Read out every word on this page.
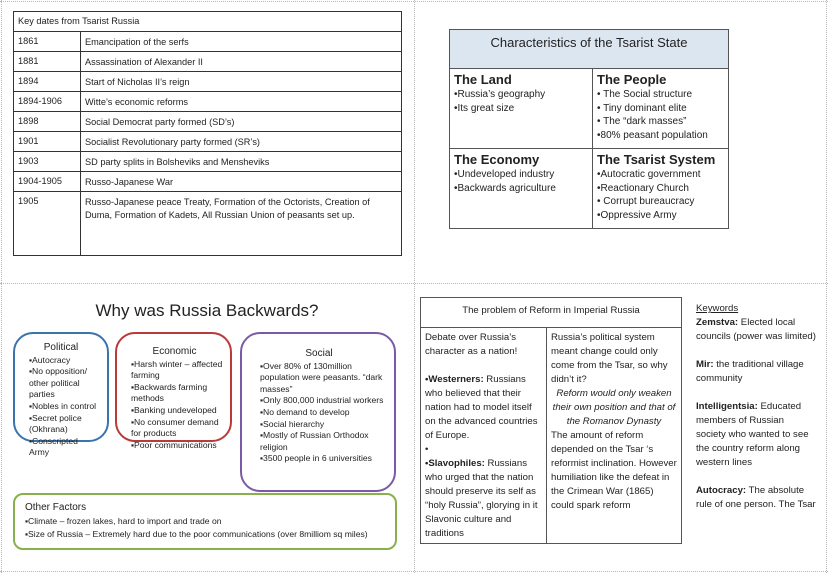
Key dates from Tsarist Russia
1861	Emancipation of the serfs
1881	Assassination of Alexander II
1894	Start of Nicholas II’s reign
1894-1906	Witte’s economic reforms
1898	Social Democrat party formed (SD’s)
1901	Socialist Revolutionary party formed (SR’s)
1903	SD party splits in Bolsheviks and Mensheviks
1904-1905	Russo-Japanese War
1905	Russo-Japanese peace Treaty, Formation of the Octorists, Creation of Duma, Formation of Kadets, All Russian Union of peasants set up.
Characteristics of the Tsarist State
The Land
•Russia’s geography
•Its great size
The People
• The Social structure
• Tiny dominant elite
• The “dark masses”
•80% peasant population
The Economy
•Undeveloped industry
•Backwards agriculture
The Tsarist System
•Autocratic government
•Reactionary Church
• Corrupt bureaucracy
•Oppressive Army
Why was Russia Backwards?
Political
▪ Autocracy
▪ No opposition/ other political parties
▪ Nobles in control
▪ Secret police (Okhrana)
▪ Conscripted Army
Economic
▪ Harsh winter – affected farming
▪ Backwards farming methods
▪ Banking undeveloped
▪ No consumer demand for products
▪ Poor communications
Social
▪ Over 80% of 130million population were peasants. “dark masses”
▪ Only 800,000 industrial workers
▪ No demand to develop
▪ Social hierarchy
▪ Mostly of Russian Orthodox religion
▪ 3500 people in 6 universities
Other Factors
▪ Climate – frozen lakes, hard to import and trade on
▪ Size of Russia – Extremely hard due to the poor communications (over 8milliom sq miles)
The problem of Reform in Imperial Russia
Debate over Russia’s character as a nation!
•Westerners: Russians who believed that their nation had to model itself on the advanced countries of Europe.
•
•Slavophiles: Russians who urged that the nation should preserve its self as “holy Russia”, glorying in it Slavonic culture and traditions
Russia’s political system meant change could only come from the Tsar, so why didn’t it?
Reform would only weaken their own position and that of the Romanov Dynasty
The amount of reform depended on the Tsar ‘s reformist inclination. However humiliation like the defeat in the Crimean War (1865) could spark reform
Keywords
Zemstva: Elected local councils (power was limited)
Mir: the traditional village community
Intelligentsia: Educated members of Russian society who wanted to see the country reform along western lines
Autocracy: The absolute rule of one person. The Tsar
